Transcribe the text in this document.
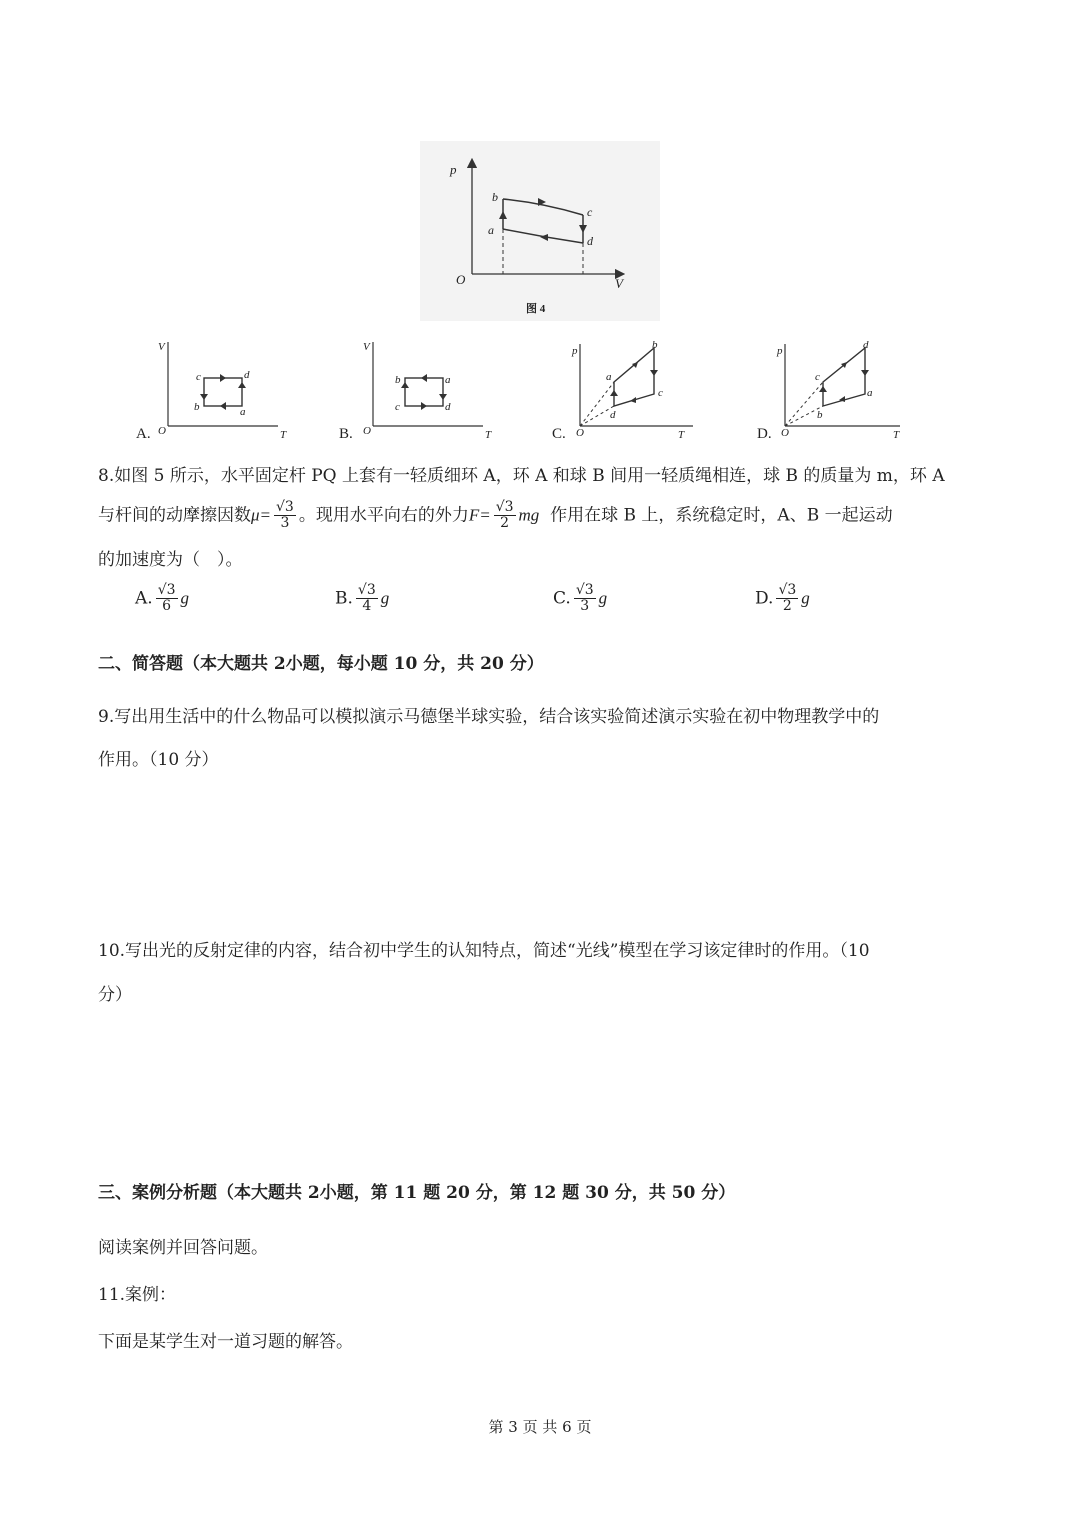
p
V
O
a
b
c
d
图 4
V
T
O
c	d
b	a
A.
V
T
O
b	a
c	d
B.
p
T
O
a
b
c
d
C.
p
T
O
c
d
b
a
D.
8.如图 5 所示，水平固定杆 PQ 上套有一轻质细环 A，环 A 和球 B 间用一轻质绳相连，球 B 的质量为 m，环 A
与杆间的动摩擦因数$\mu= \frac{√3}{3}$ 。现用水平向右的外力$F= \frac{√3}{2}$ mg 作用在球 B 上，系统稳定时，A、B 一起运动
的加速度为（　）。
A. $\frac{√3}{6}$ g	B. $\frac{√3}{4}$ g	C. $\frac{√3}{3}$ g	D. $\frac{√3}{2}$ g
二、简答题（本大题共 2小题，每小题 10 分，共 20 分）
9.写出用生活中的什么物品可以模拟演示马德堡半球实验，结合该实验简述演示实验在初中物理教学中的
作用。（10 分）
10.写出光的反射定律的内容，结合初中学生的认知特点，简述“光线”模型在学习该定律时的作用。（10
分）
三、案例分析题（本大题共 2小题，第 11 题 20 分，第 12 题 30 分，共 50 分）
阅读案例并回答问题。
11.案例：
下面是某学生对一道习题的解答。
第 3 页 共 6 页
